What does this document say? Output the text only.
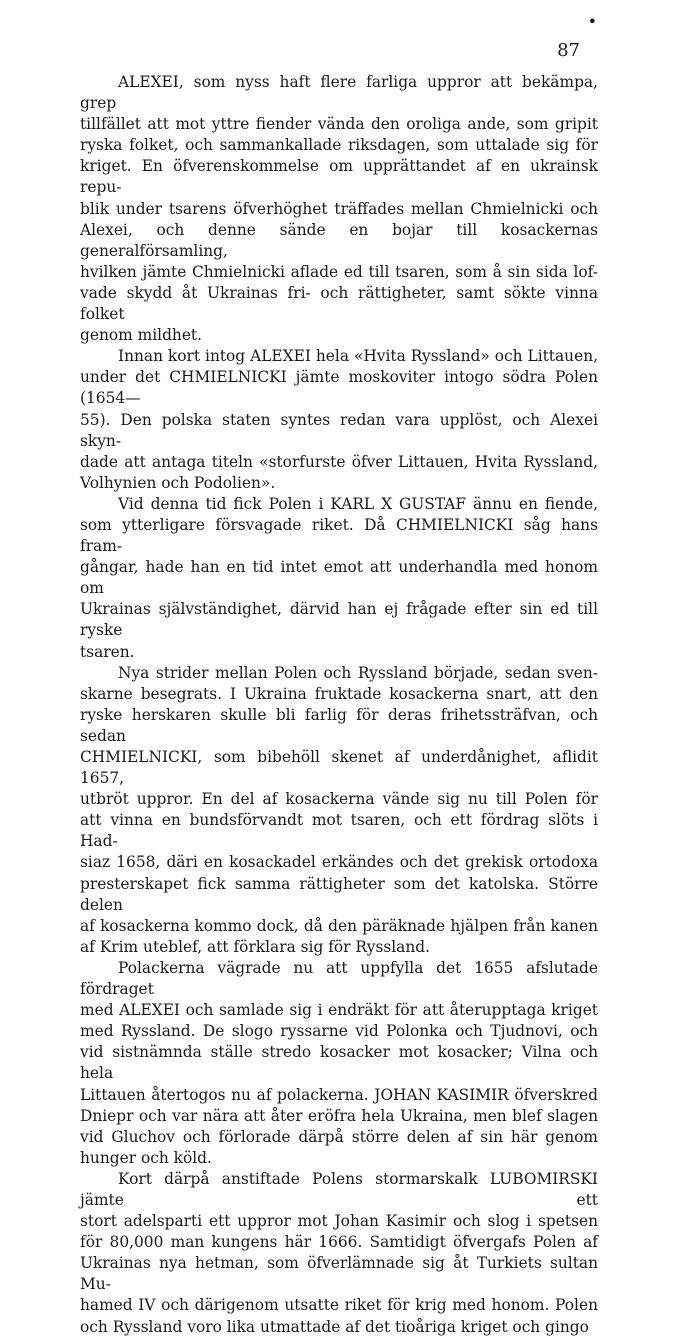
•
87

ALEXEI, som nyss haft flere farliga uppror att bekämpa, grep
tillfället att mot yttre fiender vända den oroliga ande, som gripit
ryska folket, och sammankallade riksdagen, som uttalade sig för
kriget. En öfverenskommelse om upprättandet af en ukrainsk repu-
blik under tsarens öfverhöghet träffades mellan Chmielnicki och
Alexei, och denne sände en bojar till kosackernas generalförsamling,
hvilken jämte Chmielnicki aflade ed till tsaren, som å sin sida lof-
vade skydd åt Ukrainas fri- och rättigheter, samt sökte vinna folket
genom mildhet.

Innan kort intog ALEXEI hela «Hvita Ryssland» och Littauen,
under det CHMIELNICKI jämte moskoviter intogo södra Polen (1654—
55). Den polska staten syntes redan vara upplöst, och Alexei skyn-
dade att antaga titeln «storfurste öfver Littauen, Hvita Ryssland,
Volhynien och Podolien».

Vid denna tid fick Polen i KARL X GUSTAF ännu en fiende,
som ytterligare försvagade riket. Då CHMIELNICKI såg hans fram-
gångar, hade han en tid intet emot att underhandla med honom om
Ukrainas självständighet, därvid han ej frågade efter sin ed till ryske
tsaren.

Nya strider mellan Polen och Ryssland började, sedan sven-
skarne besegrats. I Ukraina fruktade kosackerna snart, att den
ryske herskaren skulle bli farlig för deras frihetssträfvan, och sedan
CHMIELNICKI, som bibehöll skenet af underdånighet, aflidit 1657,
utbröt uppror. En del af kosackerna vände sig nu till Polen för
att vinna en bundsförvandt mot tsaren, och ett fördrag slöts i Had-
siaz 1658, däri en kosackadel erkändes och det grekisk ortodoxa
presterskapet fick samma rättigheter som det katolska. Större delen
af kosackerna kommo dock, då den päräknade hjälpen från kanen
af Krim uteblef, att förklara sig för Ryssland.

Polackerna vägrade nu att uppfylla det 1655 afslutade fördraget
med ALEXEI och samlade sig i endräkt för att återupptaga kriget
med Ryssland. De slogo ryssarne vid Polonka och Tjudnovi, och
vid sistnämnda ställe stredo kosacker mot kosacker; Vilna och hela
Littauen återtogos nu af polackerna. JOHAN KASIMIR öfverskred
Dniepr och var nära att åter eröfra hela Ukraina, men blef slagen
vid Gluchov och förlorade därpå större delen af sin här genom
hunger och köld.

Kort därpå anstiftade Polens stormarskalk LUBOMIRSKI jämte ett
stort adelsparti ett uppror mot Johan Kasimir och slog i spetsen
för 80,000 man kungens här 1666. Samtidigt öfvergafs Polen af
Ukrainas nya hetman, som öfverlämnade sig åt Turkiets sultan Mu-
hamed IV och därigenom utsatte riket för krig med honom. Polen
och Ryssland voro lika utmattade af det tioåriga kriget och gingo
